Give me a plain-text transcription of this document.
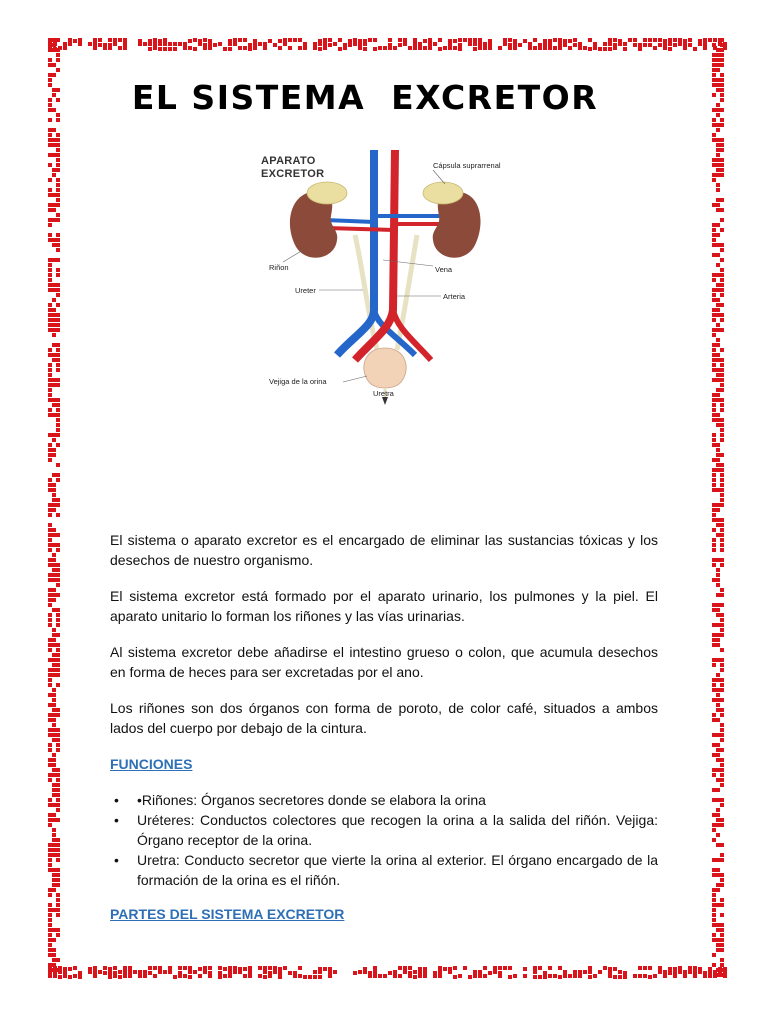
EL SISTEMA  EXCRETOR
APARATO
EXCRETOR
Cápsula suprarrenal
Riñon	Vena
Ureter
Arteria
Vejiga de la orina
Uretra

El sistema o aparato excretor es el encargado de eliminar las sustancias tóxicas y los desechos de nuestro organismo.

El sistema excretor está formado por el aparato urinario, los pulmones y la piel. El aparato unitario lo forman los riñones y las vías urinarias.

Al sistema excretor debe añadirse el intestino grueso o colon, que acumula desechos en forma de heces para ser excretadas por el ano.

Los riñones son dos órganos con forma de poroto, de color café, situados a ambos lados del cuerpo por debajo de la cintura.

FUNCIONES
• •Riñones: Órganos secretores donde se elabora la orina
• Uréteres: Conductos colectores que recogen la orina a la salida del riñón. Vejiga: Órgano receptor de la orina.
• Uretra: Conducto secretor que vierte la orina al exterior. El órgano encargado de la formación de la orina es el riñón.
PARTES DEL SISTEMA EXCRETOR
